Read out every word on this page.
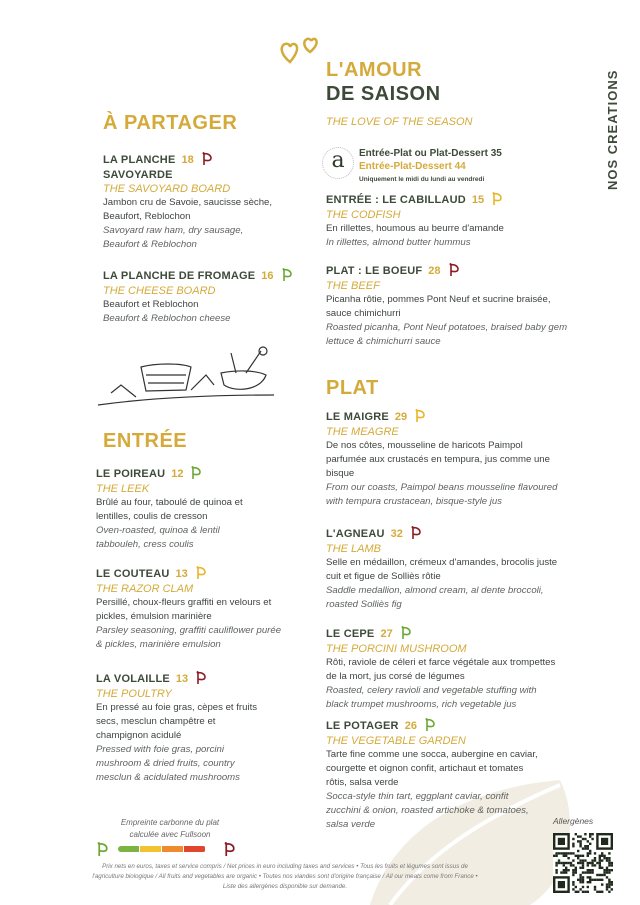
L'AMOUR
DE SAISON
THE LOVE OF THE SEASON	NOS CREATIONS
À PARTAGER
ENTRÉE
PLAT
a	Entrée-Plat ou Plat-Dessert 35
Entrée-Plat-Dessert 44
Uniquement le midi du lundi au vendredi
LA PLANCHE 18
SAVOYARDE
THE SAVOYARD BOARD
Jambon cru de Savoie, saucisse sèche, Beaufort, Reblochon
Savoyard raw ham, dry sausage, Beaufort & Reblochon
LA PLANCHE DE FROMAGE 16
THE CHEESE BOARD
Beaufort et Reblochon
Beaufort & Reblochon cheese
LE POIREAU 12
THE LEEK
Brûlé au four, taboulé de quinoa et lentilles, coulis de cresson
Oven-roasted, quinoa & lentil tabbouleh, cress coulis
LE COUTEAU 13
THE RAZOR CLAM
Persillé, choux-fleurs graffiti en velours et pickles, émulsion marinière
Parsley seasoning, graffiti cauliflower purée & pickles, marinière emulsion
LA VOLAILLE 13
THE POULTRY
En pressé au foie gras, cèpes et fruits secs, mesclun champêtre et champignon acidulé
Pressed with foie gras, porcini mushroom & dried fruits, country mesclun & acidulated mushrooms
ENTRÉE : LE CABILLAUD 15
THE CODFISH
En rillettes, houmous au beurre d'amande
In rillettes, almond butter hummus
PLAT : LE BOEUF 28
THE BEEF
Picanha rôtie, pommes Pont Neuf et sucrine braisée, sauce chimichurri
Roasted picanha, Pont Neuf potatoes, braised baby gem lettuce & chimichurri sauce
LE MAIGRE 29
THE MEAGRE
De nos côtes, mousseline de haricots Paimpol parfumée aux crustacés en tempura, jus comme une bisque
From our coasts, Paimpol beans mousseline flavoured with tempura crustacean, bisque-style jus
L'AGNEAU 32
THE LAMB
Selle en médaillon, crémeux d'amandes, brocolis juste cuit et figue de Solliès rôtie
Saddle medallion, almond cream, al dente broccoli, roasted Solliès fig
LE CEPE 27
THE PORCINI MUSHROOM
Rôti, raviole de céleri et farce végétale aux trompettes de la mort, jus corsé de légumes
Roasted, celery ravioli and vegetable stuffing with black trumpet mushrooms, rich vegetable jus
LE POTAGER 26
THE VEGETABLE GARDEN
Tarte fine comme une socca, aubergine en caviar, courgette et oignon confit, artichaut et tomates rôtis, salsa verde
Socca-style thin tart, eggplant caviar, confit zucchini & onion, roasted artichoke & tomatoes, salsa verde
Empreinte carbonne du plat
calculée avec Fullsoon
Allergènes
Prix nets en euros, taxes et service compris / Net prices in euro including taxes and services • Tous les fruits et légumes sont issus de
l'agriculture biologique / All fruits and vegetables are organic • Toutes nos viandes sont d'origine française / All our meats come from France •
Liste des allergènes disponible sur demande.
